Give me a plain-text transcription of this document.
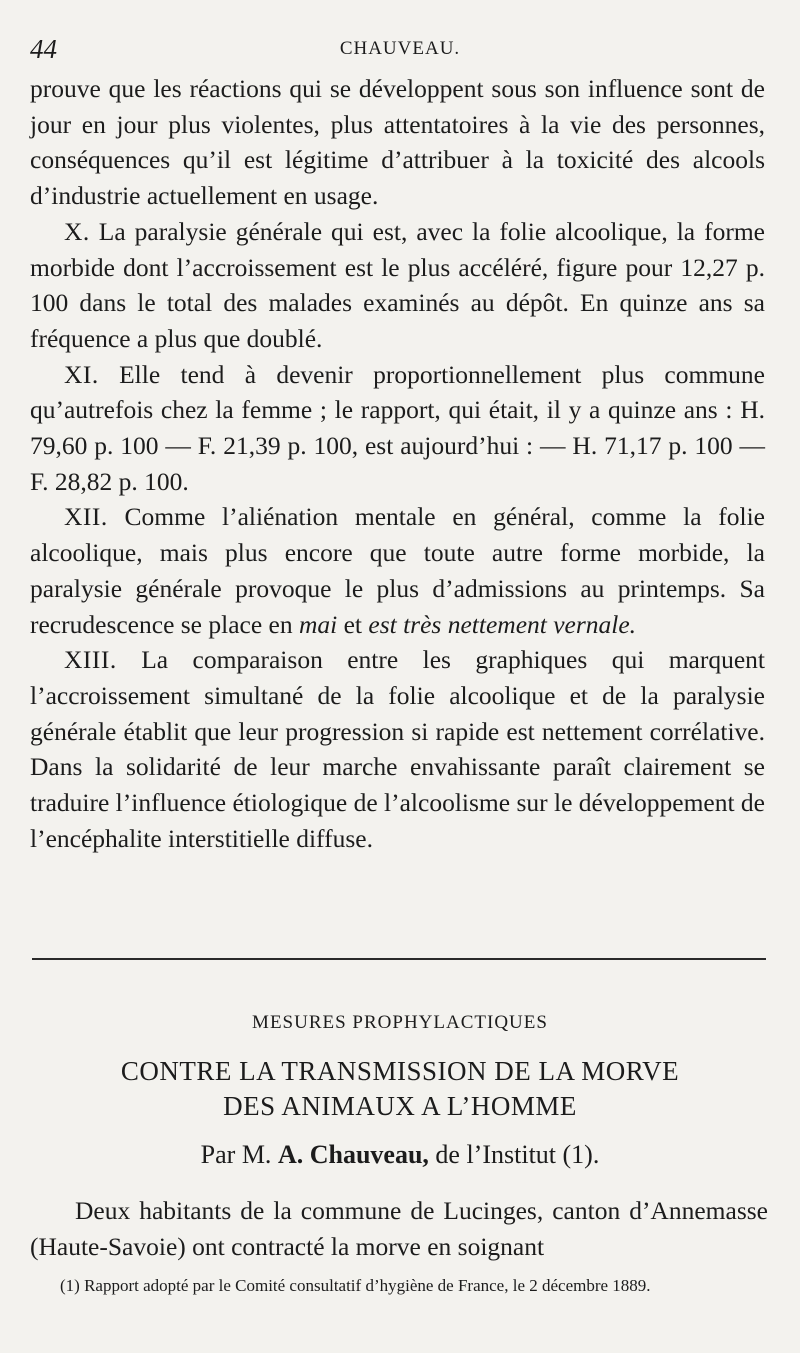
44	CHAUVEAU.

prouve que les réactions qui se développent sous son influence sont de jour en jour plus violentes, plus attentatoires à la vie des personnes, conséquences qu’il est légitime d’attribuer à la toxicité des alcools d’industrie actuellement en usage.

X. La paralysie générale qui est, avec la folie alcoolique, la forme morbide dont l’accroissement est le plus accéléré, figure pour 12,27 p. 100 dans le total des malades examinés au dépôt. En quinze ans sa fréquence a plus que doublé.

XI. Elle tend à devenir proportionnellement plus commune qu’autrefois chez la femme ; le rapport, qui était, il y a quinze ans : H. 79,60 p. 100 — F. 21,39 p. 100, est aujourd’hui : — H. 71,17 p. 100 — F. 28,82 p. 100.

XII. Comme l’aliénation mentale en général, comme la folie alcoolique, mais plus encore que toute autre forme morbide, la paralysie générale provoque le plus d’admissions au printemps. Sa recrudescence se place en mai et est très nettement vernale.

XIII. La comparaison entre les graphiques qui marquent l’accroissement simultané de la folie alcoolique et de la paralysie générale établit que leur progression si rapide est nettement corrélative. Dans la solidarité de leur marche envahissante paraît clairement se traduire l’influence étiologique de l’alcoolisme sur le développement de l’encéphalite interstitielle diffuse.

MESURES PROPHYLACTIQUES
CONTRE LA TRANSMISSION DE LA MORVE
DES ANIMAUX A L’HOMME
Par M. A. Chauveau, de l’Institut (1).

Deux habitants de la commune de Lucinges, canton d’Annemasse (Haute-Savoie) ont contracté la morve en soignant

(1) Rapport adopté par le Comité consultatif d’hygiène de France, le 2 décembre 1889.
